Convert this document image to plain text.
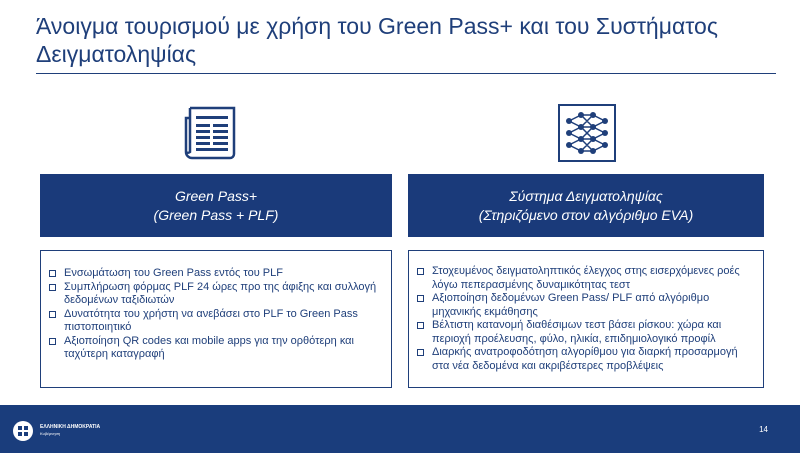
Άνοιγμα τουρισμού με χρήση του Green Pass+ και του Συστήματος Δειγματοληψίας
Green Pass+
(Green Pass + PLF)
Σύστημα Δειγματοληψίας
(Στηριζόμενο στον αλγόριθμο EVA)
Ενσωμάτωση του Green Pass εντός του PLF
Συμπλήρωση φόρμας PLF 24 ώρες προ της άφιξης και συλλογή δεδομένων ταξιδιωτών
Δυνατότητα του χρήστη να ανεβάσει στο PLF το Green Pass πιστοποιητικό
Αξιοποίηση QR codes και mobile apps για την ορθότερη και ταχύτερη καταγραφή
Στοχευμένος δειγματοληπτικός έλεγχος στης εισερχόμενες ροές λόγω πεπερασμένης δυναμικότητας τεστ
Αξιοποίηση δεδομένων Green Pass/ PLF από αλγόριθμο μηχανικής εκμάθησης
Βέλτιστη κατανομή διαθέσιμων τεστ βάσει ρίσκου: χώρα και περιοχή προέλευσης, φύλο, ηλικία, επιδημιολογικό προφίλ
Διαρκής ανατροφοδότηση αλγορίθμου για διαρκή προσαρμογή στα νέα δεδομένα και ακριβέστερες προβλέψεις
ΕΛΛΗΝΙΚΗ ΔΗΜΟΚΡΑΤΙΑ
Κυβέρνηση	14
